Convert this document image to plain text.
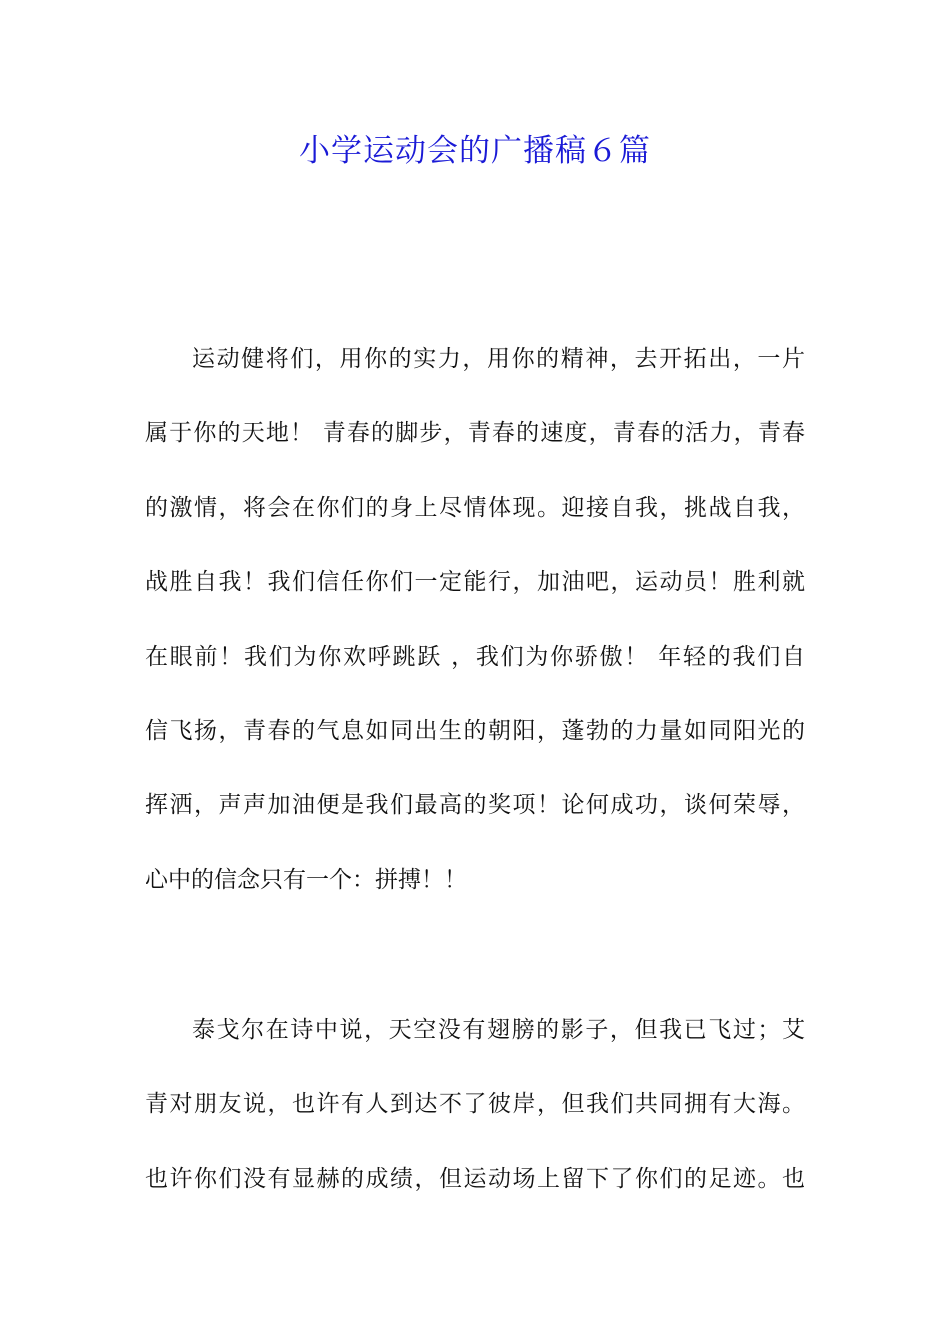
小学运动会的广播稿６篇
运动健将们，用你的实力，用你的精神，去开拓出，一片
属于你的天地！ 青春的脚步，青春的速度，青春的活力，青春
的激情，将会在你们的身上尽情体现。迎接自我，挑战自我，
战胜自我！我们信任你们一定能行，加油吧，运动员！胜利就
在眼前！我们为你欢呼跳跃 ，我们为你骄傲！ 年轻的我们自
信飞扬，青春的气息如同出生的朝阳，蓬勃的力量如同阳光的
挥洒，声声加油便是我们最高的奖项！论何成功，谈何荣辱，
心中的信念只有一个：拼搏！！
泰戈尔在诗中说，天空没有翅膀的影子，但我已飞过；艾
青对朋友说，也许有人到达不了彼岸，但我们共同拥有大海。
也许你们没有显赫的成绩，但运动场上留下了你们的足迹。也
